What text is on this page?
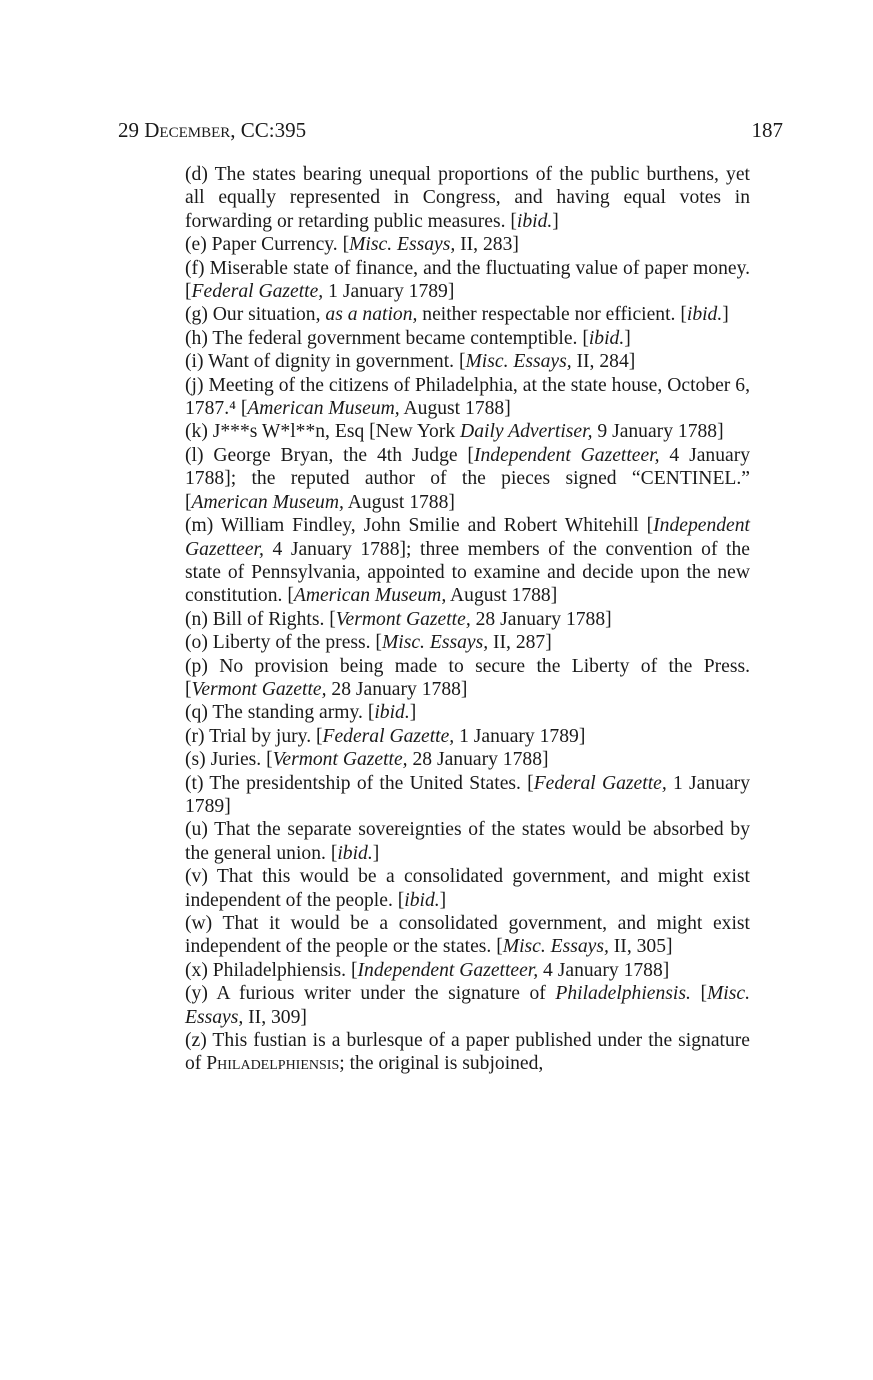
29 December, CC:395	187

(d) The states bearing unequal proportions of the public burthens, yet all equally represented in Congress, and having equal votes in forwarding or retarding public measures. [ibid.]

(e) Paper Currency. [Misc. Essays, II, 283]

(f) Miserable state of finance, and the fluctuating value of paper money. [Federal Gazette, 1 January 1789]

(g) Our situation, as a nation, neither respectable nor efficient. [ibid.]

(h) The federal government became contemptible. [ibid.]

(i) Want of dignity in government. [Misc. Essays, II, 284]

(j) Meeting of the citizens of Philadelphia, at the state house, October 6, 1787.⁴ [American Museum, August 1788]

(k) J***s W*l**n, Esq [New York Daily Advertiser, 9 January 1788]

(l) George Bryan, the 4th Judge [Independent Gazetteer, 4 January 1788]; the reputed author of the pieces signed “CENTINEL.” [American Museum, August 1788]

(m) William Findley, John Smilie and Robert Whitehill [Independent Gazetteer, 4 January 1788]; three members of the convention of the state of Pennsylvania, appointed to examine and decide upon the new constitution. [American Museum, August 1788]

(n) Bill of Rights. [Vermont Gazette, 28 January 1788]

(o) Liberty of the press. [Misc. Essays, II, 287]

(p) No provision being made to secure the Liberty of the Press. [Vermont Gazette, 28 January 1788]

(q) The standing army. [ibid.]

(r) Trial by jury. [Federal Gazette, 1 January 1789]

(s) Juries. [Vermont Gazette, 28 January 1788]

(t) The presidentship of the United States. [Federal Gazette, 1 January 1789]

(u) That the separate sovereignties of the states would be absorbed by the general union. [ibid.]

(v) That this would be a consolidated government, and might exist independent of the people. [ibid.]

(w) That it would be a consolidated government, and might exist independent of the people or the states. [Misc. Essays, II, 305]

(x) Philadelphiensis. [Independent Gazetteer, 4 January 1788]

(y) A furious writer under the signature of Philadelphiensis. [Misc. Essays, II, 309]

(z) This fustian is a burlesque of a paper published under the signature of Philadelphiensis; the original is subjoined,
